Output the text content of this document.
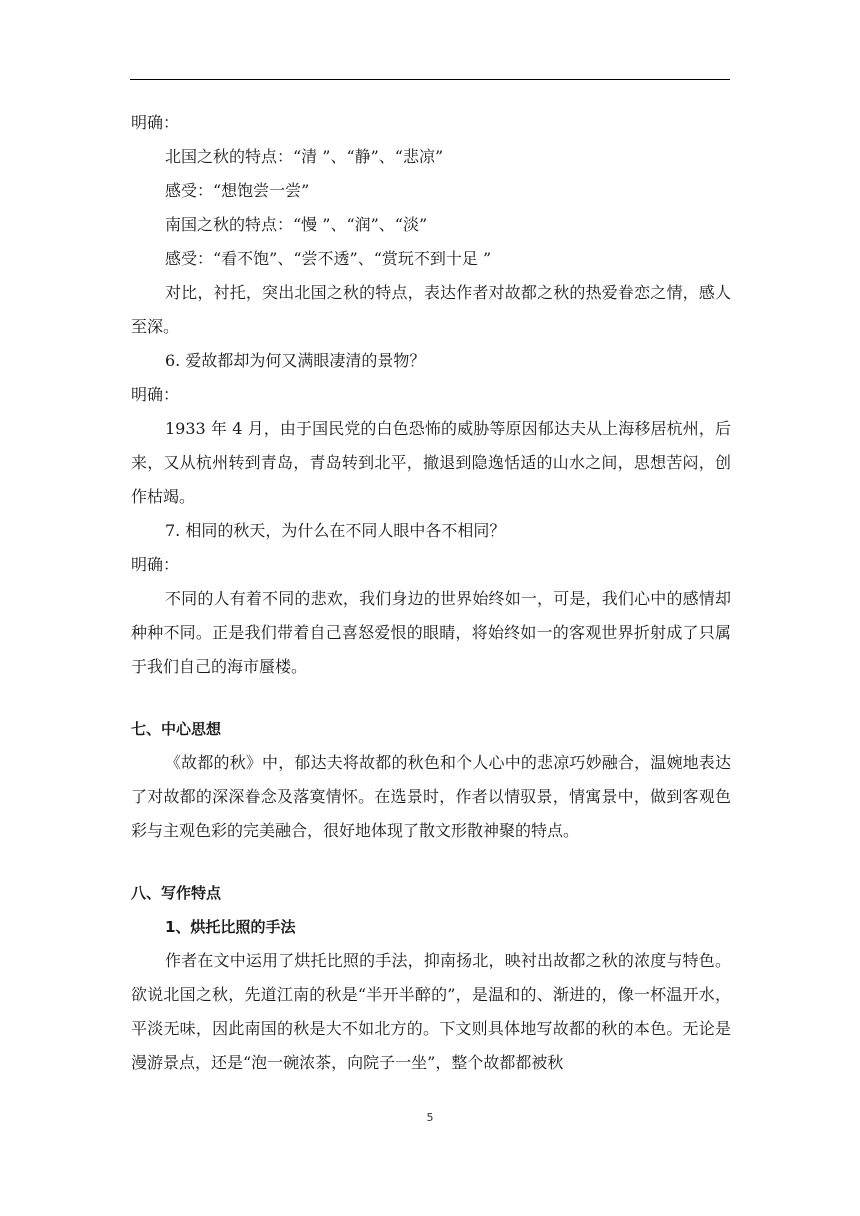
明确：
北国之秋的特点：“清 ”、“静”、“悲凉”
感受：“想饱尝一尝”
南国之秋的特点：“慢 ”、“润”、“淡”
感受：“看不饱”、“尝不透”、“赏玩不到十足 ”

对比，衬托，突出北国之秋的特点，表达作者对故都之秋的热爱眷恋之情，感人至深。

6. 爱故都却为何又满眼凄清的景物？
明确：

1933 年 4 月，由于国民党的白色恐怖的威胁等原因郁达夫从上海移居杭州，后来，又从杭州转到青岛，青岛转到北平，撤退到隐逸恬适的山水之间，思想苦闷，创作枯竭。

7. 相同的秋天，为什么在不同人眼中各不相同？
明确：

不同的人有着不同的悲欢，我们身边的世界始终如一，可是，我们心中的感情却种种不同。正是我们带着自己喜怒爱恨的眼睛，将始终如一的客观世界折射成了只属于我们自己的海市蜃楼。

七、中心思想

《故都的秋》中，郁达夫将故都的秋色和个人心中的悲凉巧妙融合，温婉地表达了对故都的深深眷念及落寞情怀。在选景时，作者以情驭景，情寓景中，做到客观色彩与主观色彩的完美融合，很好地体现了散文形散神聚的特点。

八、写作特点
1、烘托比照的手法

作者在文中运用了烘托比照的手法，抑南扬北，映衬出故都之秋的浓度与特色。欲说北国之秋，先道江南的秋是“半开半醉的”，是温和的、渐进的，像一杯温开水，平淡无味，因此南国的秋是大不如北方的。下文则具体地写故都的秋的本色。无论是漫游景点，还是“泡一碗浓茶，向院子一坐”，整个故都都被秋

5
